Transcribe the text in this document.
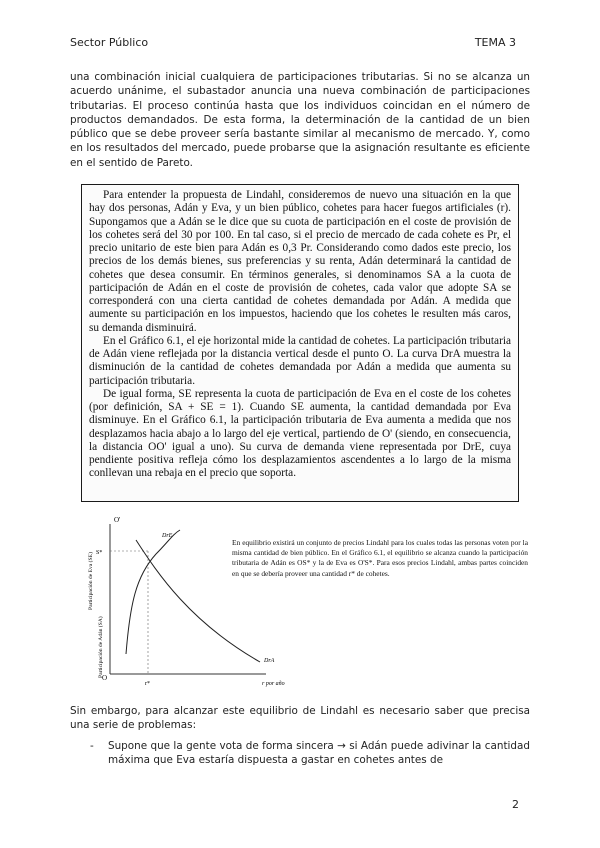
Sector Público	TEMA 3
una combinación inicial cualquiera de participaciones tributarias. Si no se alcanza un acuerdo unánime, el subastador anuncia una nueva combinación de participaciones tributarias. El proceso continúa hasta que los individuos coincidan en el número de productos demandados. De esta forma, la determinación de la cantidad de un bien público que se debe proveer sería bastante similar al mecanismo de mercado. Y, como en los resultados del mercado, puede probarse que la asignación resultante es eficiente en el sentido de Pareto.

Para entender la propuesta de Lindahl, consideremos de nuevo una situación en la que hay dos personas, Adán y Eva, y un bien público, cohetes para hacer fuegos artificiales (r). Supongamos que a Adán se le dice que su cuota de participación en el coste de provisión de los cohetes será del 30 por 100. En tal caso, si el precio de mercado de cada cohete es Pr, el precio unitario de este bien para Adán es 0,3 Pr. Considerando como dados este precio, los precios de los demás bienes, sus preferencias y su renta, Adán determinará la cantidad de cohetes que desea consumir. En términos generales, si denominamos SA a la cuota de participación de Adán en el coste de provisión de cohetes, cada valor que adopte SA se corresponderá con una cierta cantidad de cohetes demandada por Adán. A medida que aumente su participación en los impuestos, haciendo que los cohetes le resulten más caros, su demanda disminuirá.

En el Gráfico 6.1, el eje horizontal mide la cantidad de cohetes. La participación tributaria de Adán viene reflejada por la distancia vertical desde el punto O. La curva DrA muestra la disminución de la cantidad de cohetes demandada por Adán a medida que aumenta su participación tributaria.

De igual forma, SE representa la cuota de participación de Eva en el coste de los cohetes (por definición, SA + SE = 1). Cuando SE aumenta, la cantidad demandada por Eva disminuye. En el Gráfico 6.1, la participación tributaria de Eva aumenta a medida que nos desplazamos hacia abajo a lo largo del eje vertical, partiendo de O' (siendo, en consecuencia, la distancia OO' igual a uno). Su curva de demanda viene representada por DrE, cuya pendiente positiva refleja cómo los desplazamientos ascendentes a lo largo de la misma conllevan una rebaja en el precio que soporta.

O'
O
S*
r*	r por año
DrE
DrA
Participación de Eva (SE)
Participación de Adán (SA)
En equilibrio existirá un conjunto de precios Lindahl para los cuales todas las personas voten por la misma cantidad de bien público. En el Gráfico 6.1, el equilibrio se alcanza cuando la participación tributaria de Adán es OS* y la de Eva es O'S*. Para esos precios Lindahl, ambas partes coinciden en que se debería proveer una cantidad r* de cohetes.
Sin embargo, para alcanzar este equilibrio de Lindahl es necesario saber que precisa una serie de problemas:
- Supone que la gente vota de forma sincera → si Adán puede adivinar la cantidad máxima que Eva estaría dispuesta a gastar en cohetes antes de
2
